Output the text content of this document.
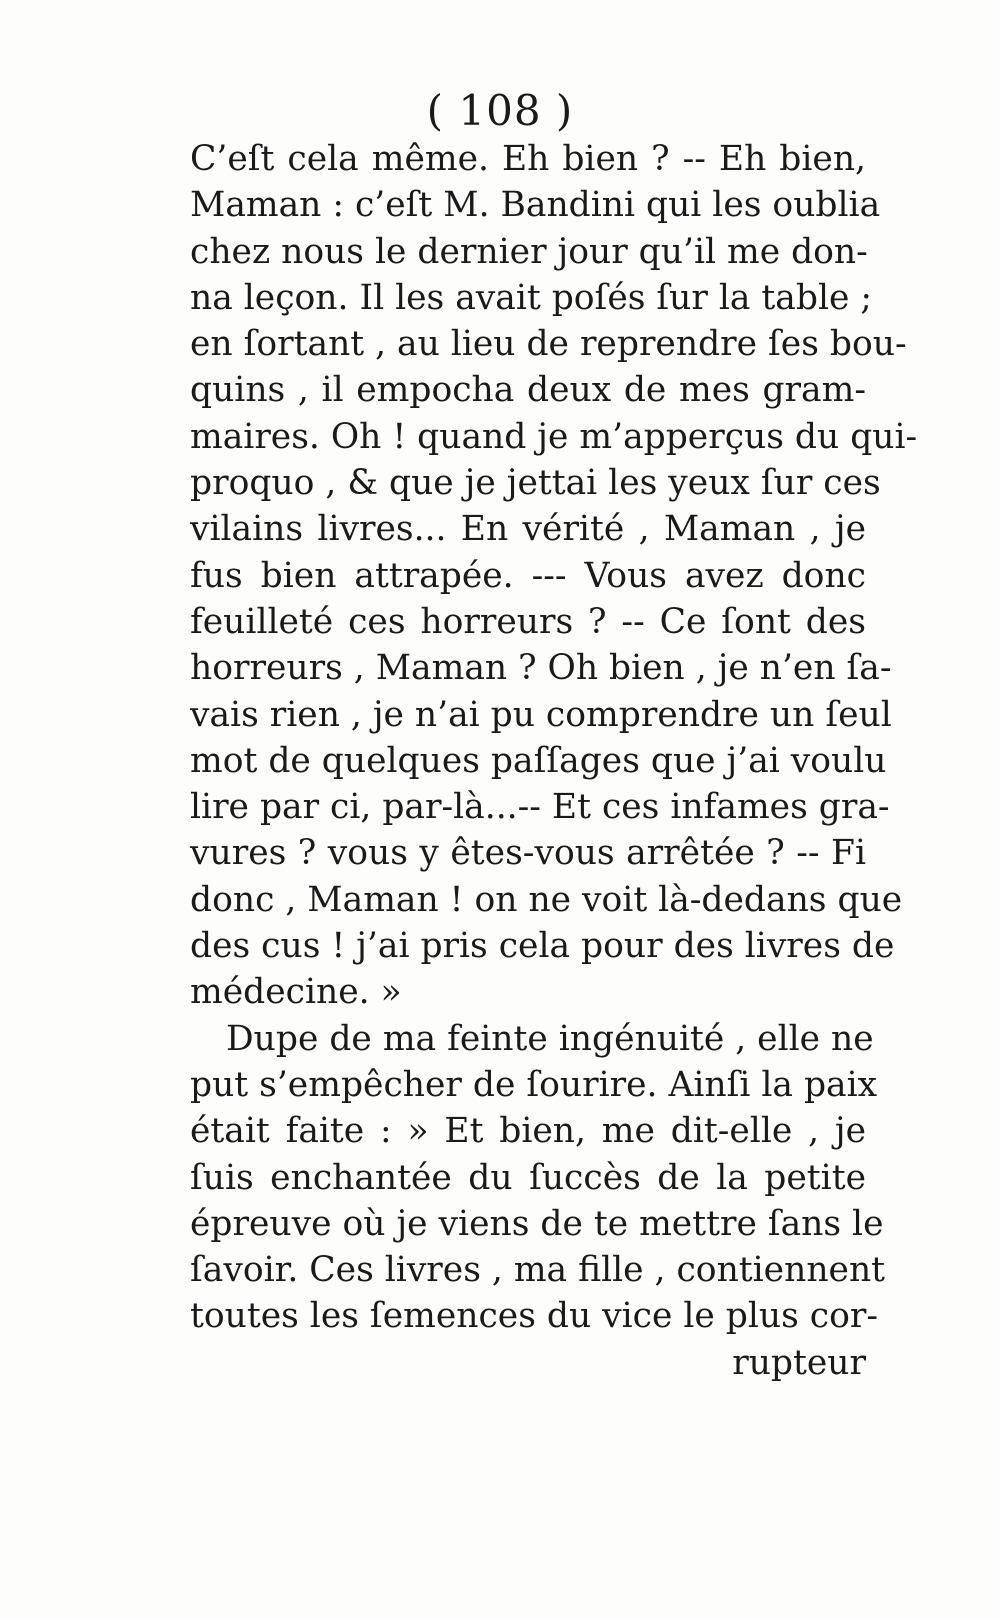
( 108 )
C’eſt cela même. Eh bien ? -- Eh bien,
Maman : c’eſt M. Bandini qui les oublia
chez nous le dernier jour qu’il me don-
na leçon. Il les avait poſés ſur la table ;
en ſortant , au lieu de reprendre ſes bou-
quins , il empocha deux de mes gram-
maires. Oh ! quand je m’apperçus du qui-
proquo , & que je jettai les yeux ſur ces
vilains livres... En vérité , Maman , je
fus bien attrapée. --- Vous avez donc
feuilleté ces horreurs ? -- Ce ſont des
horreurs , Maman ? Oh bien , je n’en ſa-
vais rien , je n’ai pu comprendre un ſeul
mot de quelques paſſages que j’ai voulu
lire par ci, par-là...-- Et ces infames gra-
vures ? vous y êtes-vous arrêtée ? -- Fi
donc , Maman ! on ne voit là-dedans que
des cus ! j’ai pris cela pour des livres de
médecine. »
Dupe de ma feinte ingénuité , elle ne
put s’empêcher de ſourire. Ainſi la paix
était faite : » Et bien, me dit-elle , je
ſuis enchantée du ſuccès de la petite
épreuve où je viens de te mettre ſans le
ſavoir. Ces livres , ma fille , contiennent
toutes les ſemences du vice le plus cor-
rupteur
